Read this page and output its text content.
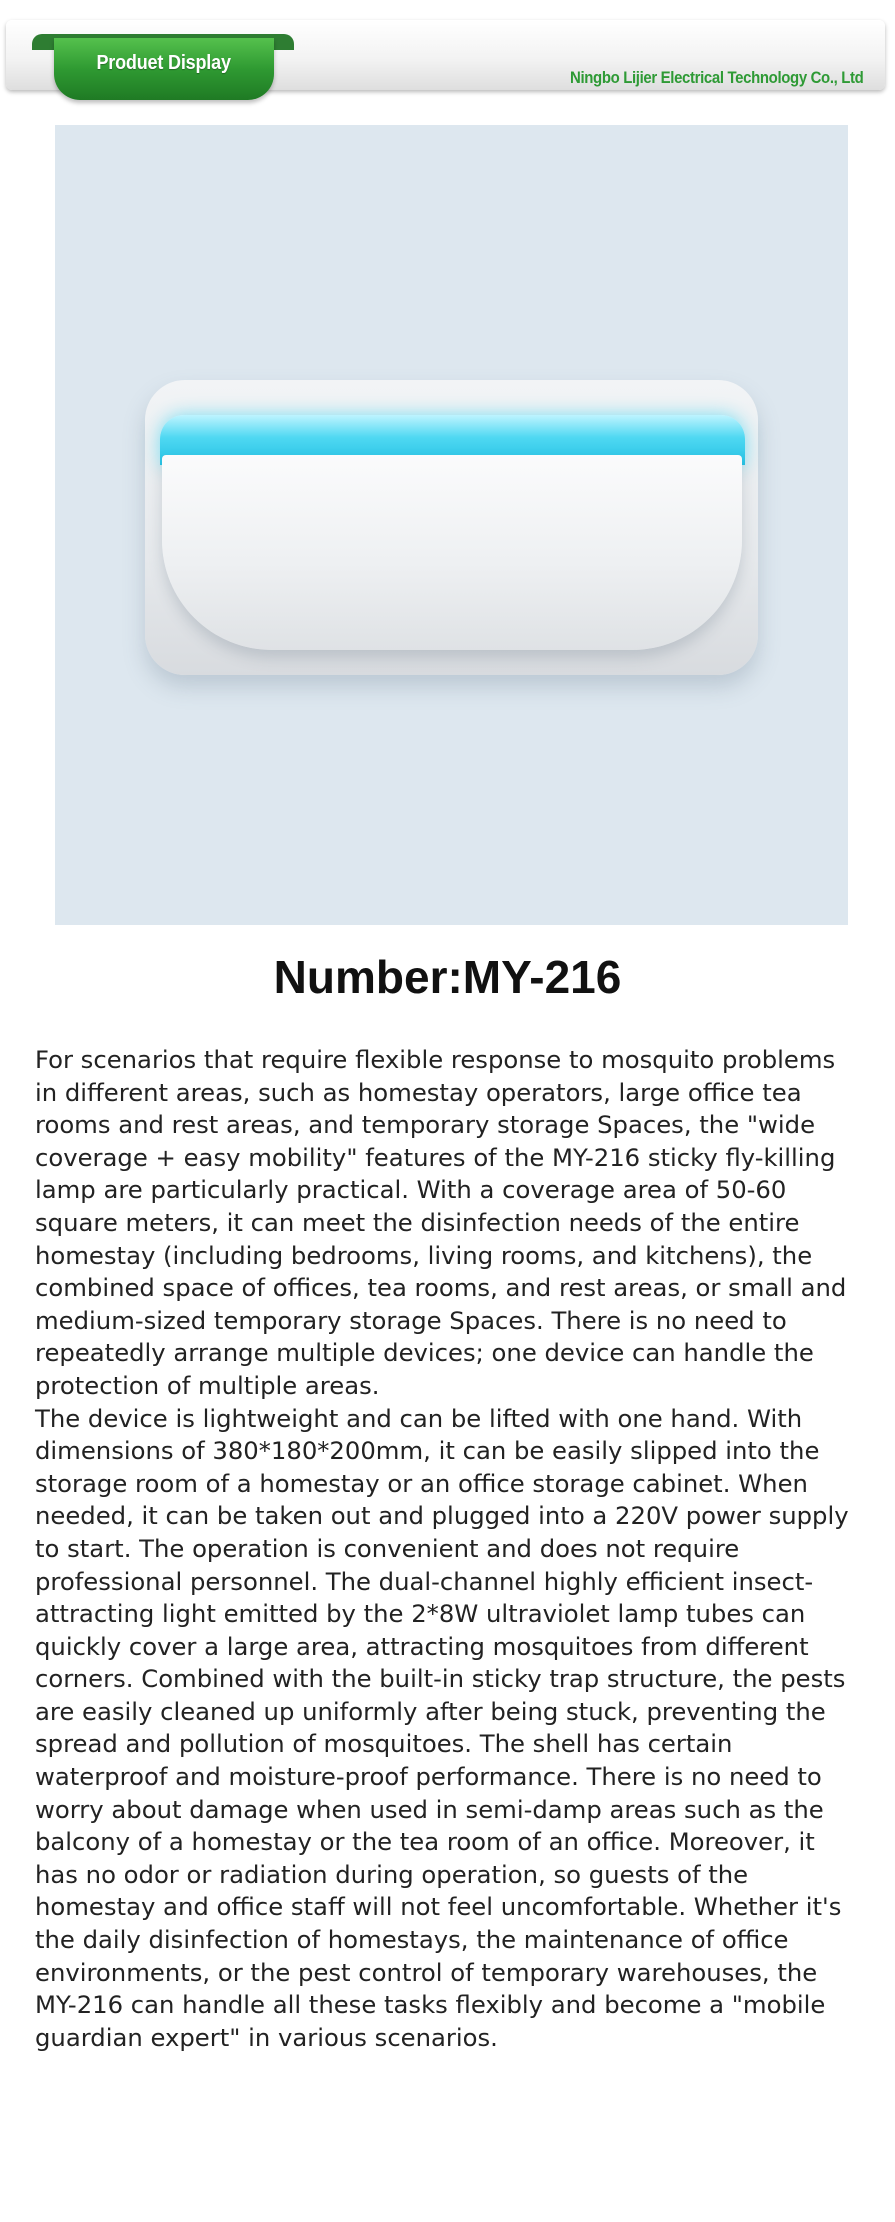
Produet Display
Ningbo Lijier Electrical Technology Co., Ltd
Number:MY-216

For scenarios that require flexible response to mosquito problems in different areas, such as homestay operators, large office tea rooms and rest areas, and temporary storage Spaces, the "wide coverage + easy mobility" features of the MY-216 sticky fly-killing lamp are particularly practical. With a coverage area of 50-60 square meters, it can meet the disinfection needs of the entire homestay (including bedrooms, living rooms, and kitchens), the combined space of offices, tea rooms, and rest areas, or small and medium-sized temporary storage Spaces. There is no need to repeatedly arrange multiple devices; one device can handle the protection of multiple areas.

The device is lightweight and can be lifted with one hand. With dimensions of 380*180*200mm, it can be easily slipped into the storage room of a homestay or an office storage cabinet. When needed, it can be taken out and plugged into a 220V power supply to start. The operation is convenient and does not require professional personnel. The dual-channel highly efficient insect-attracting light emitted by the 2*8W ultraviolet lamp tubes can quickly cover a large area, attracting mosquitoes from different corners. Combined with the built-in sticky trap structure, the pests are easily cleaned up uniformly after being stuck, preventing the spread and pollution of mosquitoes. The shell has certain waterproof and moisture-proof performance. There is no need to worry about damage when used in semi-damp areas such as the balcony of a homestay or the tea room of an office. Moreover, it has no odor or radiation during operation, so guests of the homestay and office staff will not feel uncomfortable. Whether it's the daily disinfection of homestays, the maintenance of office environments, or the pest control of temporary warehouses, the MY-216 can handle all these tasks flexibly and become a "mobile guardian expert" in various scenarios.
